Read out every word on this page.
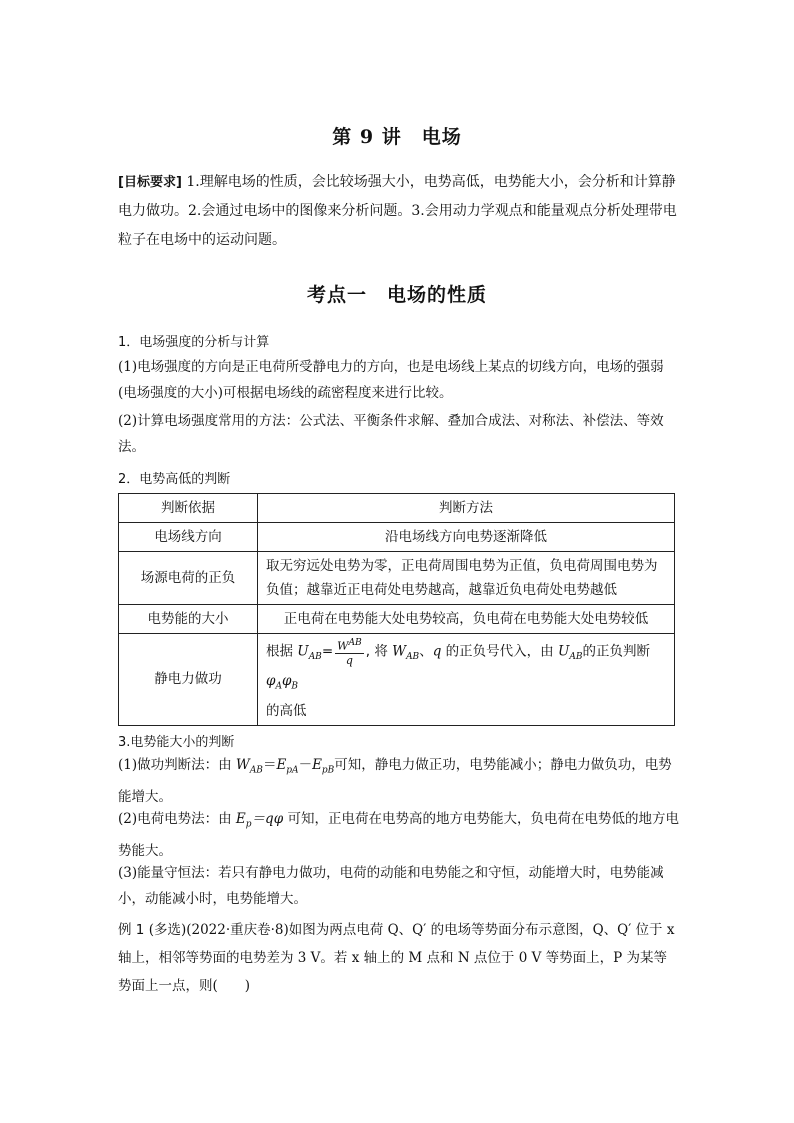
第 9 讲　电场
[目标要求] 1.理解电场的性质，会比较场强大小，电势高低，电势能大小，会分析和计算静电力做功。2.会通过电场中的图像来分析问题。3.会用动力学观点和能量观点分析处理带电粒子在电场中的运动问题。
考点一　电场的性质
1．电场强度的分析与计算
(1)电场强度的方向是正电荷所受静电力的方向，也是电场线上某点的切线方向，电场的强弱(电场强度的大小)可根据电场线的疏密程度来进行比较。
(2)计算电场强度常用的方法：公式法、平衡条件求解、叠加合成法、对称法、补偿法、等效法。
2．电势高低的判断
判断依据	判断方法
电场线方向	沿电场线方向电势逐渐降低
场源电荷的正负	取无穷远处电势为零，正电荷周围电势为正值，负电荷周围电势为负值；越靠近正电荷处电势越高，越靠近负电荷处电势越低
电势能的大小	正电荷在电势能大处电势较高，负电荷在电势能大处电势较低
静电力做功	根据 $U_{AB}= \frac{W^{AB}}{q}$ , 将 $W_{AB}$、q 的正负号代入，由 $U_{AB}$的正负判断 $\varphi_A\varphi_B$
的高低
3.电势能大小的判断
(1)做功判断法：由 $W_{AB}=E_{pA}-E_{pB}$可知，静电力做正功，电势能减小；静电力做负功，电势能增大。
(2)电荷电势法：由 $E_p=q\varphi$ 可知，正电荷在电势高的地方电势能大，负电荷在电势低的地方电势能大。
(3)能量守恒法：若只有静电力做功，电荷的动能和电势能之和守恒，动能增大时，电势能减小，动能减小时，电势能增大。
例 1 (多选)(2022·重庆卷·8)如图为两点电荷 Q、Q′ 的电场等势面分布示意图，Q、Q′ 位于 x 轴上，相邻等势面的电势差为 3 V。若 x 轴上的 M 点和 N 点位于 0 V 等势面上，P 为某等势面上一点，则(　　)
